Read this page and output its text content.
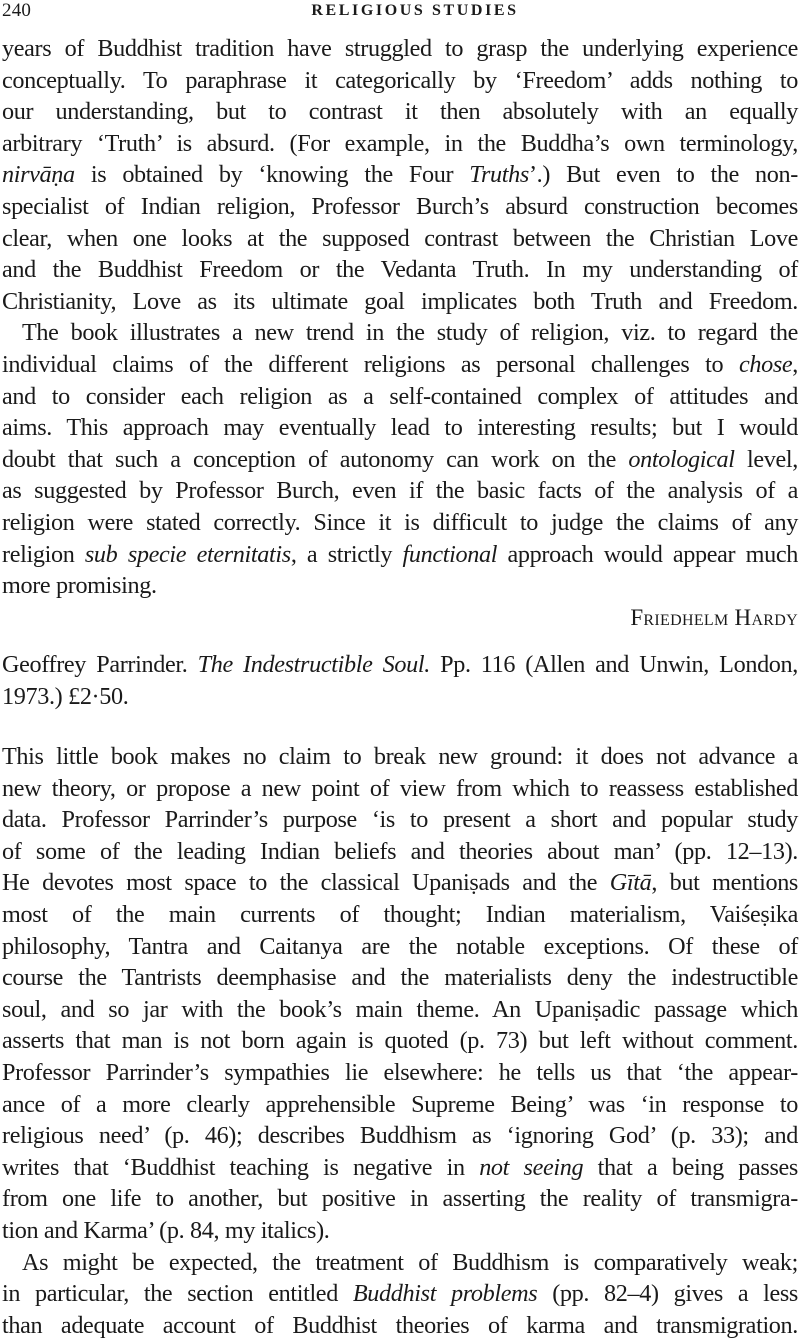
240	RELIGIOUS STUDIES
years of Buddhist tradition have struggled to grasp the underlying experience
conceptually. To paraphrase it categorically by ‘Freedom’ adds nothing to
our understanding, but to contrast it then absolutely with an equally
arbitrary ‘Truth’ is absurd. (For example, in the Buddha’s own terminology,
nirvāṇa is obtained by ‘knowing the Four Truths’.) But even to the non-
specialist of Indian religion, Professor Burch’s absurd construction becomes
clear, when one looks at the supposed contrast between the Christian Love
and the Buddhist Freedom or the Vedanta Truth. In my understanding of
Christianity, Love as its ultimate goal implicates both Truth and Freedom.
The book illustrates a new trend in the study of religion, viz. to regard the
individual claims of the different religions as personal challenges to chose,
and to consider each religion as a self-contained complex of attitudes and
aims. This approach may eventually lead to interesting results; but I would
doubt that such a conception of autonomy can work on the ontological level,
as suggested by Professor Burch, even if the basic facts of the analysis of a
religion were stated correctly. Since it is difficult to judge the claims of any
religion sub specie eternitatis, a strictly functional approach would appear much
more promising.
Friedhelm Hardy
Geoffrey Parrinder. The Indestructible Soul. Pp. 116 (Allen and Unwin, London,
1973.) £2·50.
This little book makes no claim to break new ground: it does not advance a
new theory, or propose a new point of view from which to reassess established
data. Professor Parrinder’s purpose ‘is to present a short and popular study
of some of the leading Indian beliefs and theories about man’ (pp. 12–13).
He devotes most space to the classical Upaniṣads and the Gītā, but mentions
most of the main currents of thought; Indian materialism, Vaiśeṣika
philosophy, Tantra and Caitanya are the notable exceptions. Of these of
course the Tantrists deemphasise and the materialists deny the indestructible
soul, and so jar with the book’s main theme. An Upaniṣadic passage which
asserts that man is not born again is quoted (p. 73) but left without comment.
Professor Parrinder’s sympathies lie elsewhere: he tells us that ‘the appear-
ance of a more clearly apprehensible Supreme Being’ was ‘in response to
religious need’ (p. 46); describes Buddhism as ‘ignoring God’ (p. 33); and
writes that ‘Buddhist teaching is negative in not seeing that a being passes
from one life to another, but positive in asserting the reality of transmigra-
tion and Karma’ (p. 84, my italics).
As might be expected, the treatment of Buddhism is comparatively weak;
in particular, the section entitled Buddhist problems (pp. 82–4) gives a less
than adequate account of Buddhist theories of karma and transmigration.
